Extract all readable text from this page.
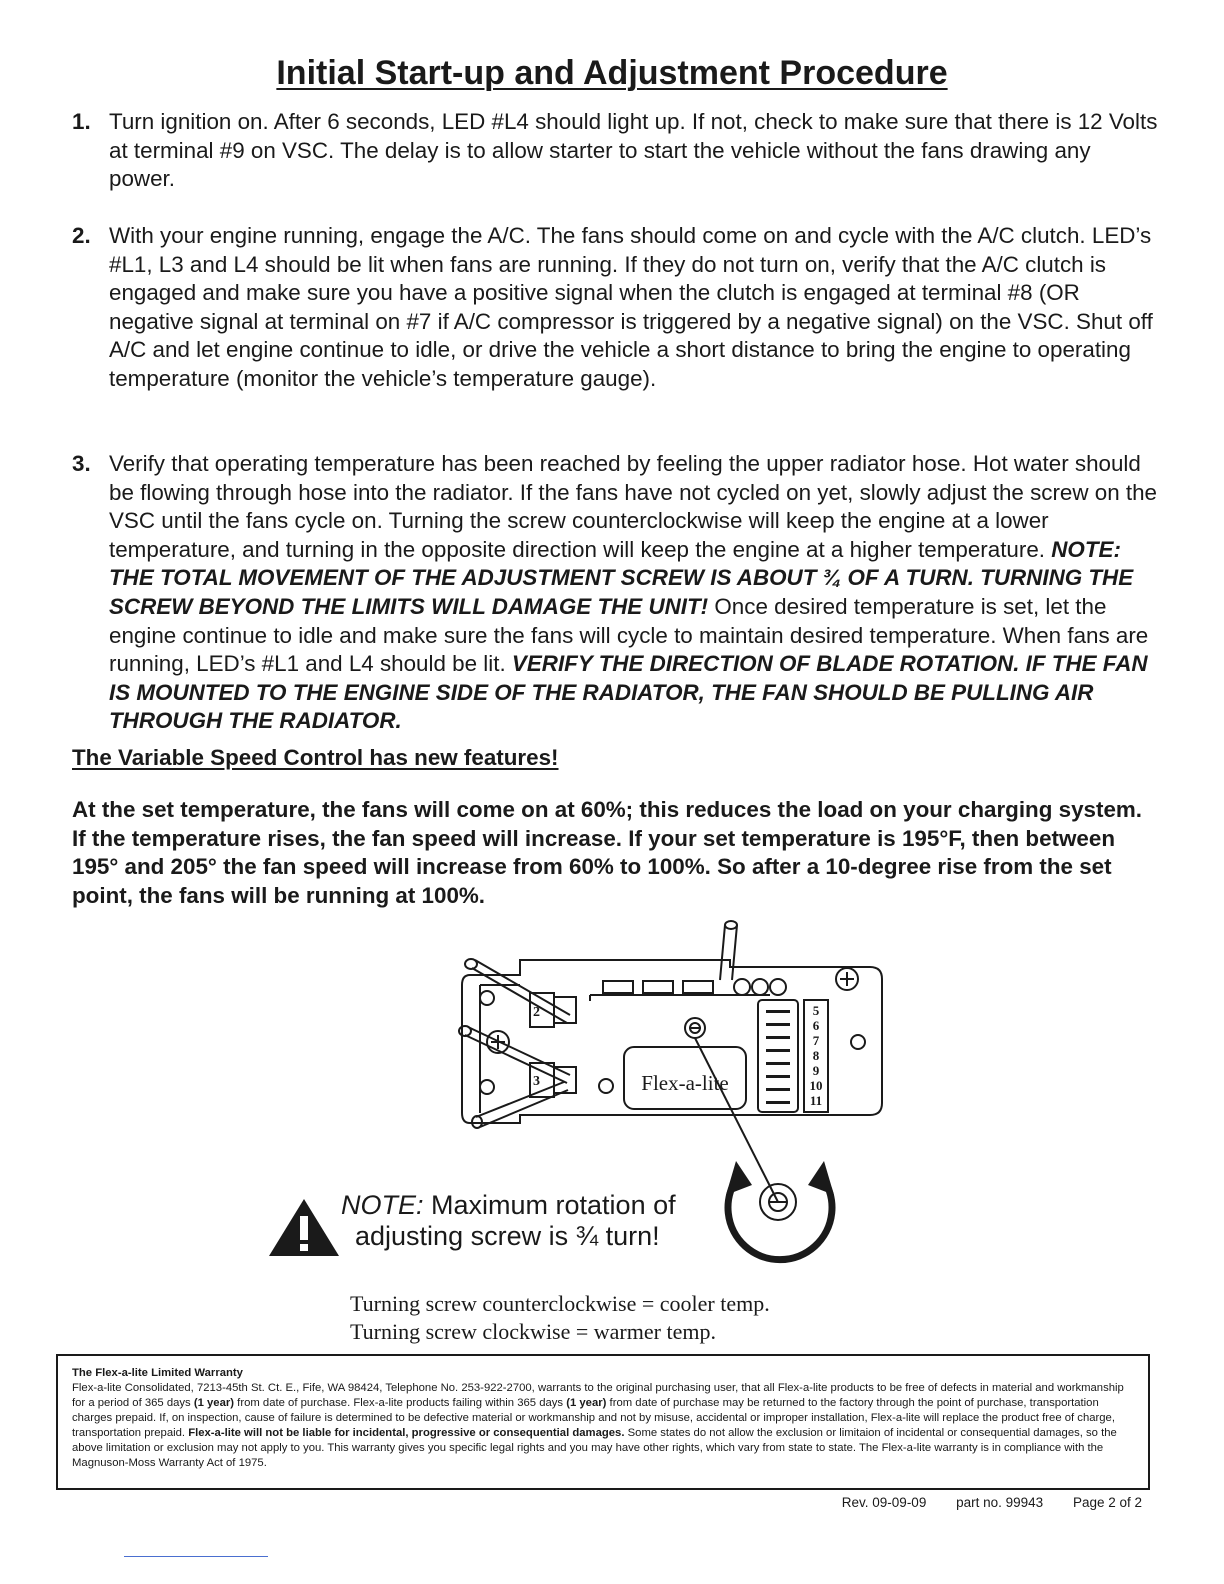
Initial Start-up and Adjustment Procedure
1. Turn ignition on. After 6 seconds, LED #L4 should light up. If not, check to make sure that there is 12 Volts at terminal #9 on VSC. The delay is to allow starter to start the vehicle without the fans drawing any power.
2. With your engine running, engage the A/C. The fans should come on and cycle with the A/C clutch. LED’s #L1, L3 and L4 should be lit when fans are running. If they do not turn on, verify that the A/C clutch is engaged and make sure you have a positive signal when the clutch is engaged at terminal #8 (OR negative signal at terminal on #7 if A/C compressor is triggered by a negative signal) on the VSC. Shut off A/C and let engine continue to idle, or drive the vehicle a short distance to bring the engine to operating temperature (monitor the vehicle’s temperature gauge).
3. Verify that operating temperature has been reached by feeling the upper radiator hose. Hot water should be flowing through hose into the radiator. If the fans have not cycled on yet, slowly adjust the screw on the VSC until the fans cycle on. Turning the screw counterclockwise will keep the engine at a lower temperature, and turning in the opposite direction will keep the engine at a higher temperature. NOTE: THE TOTAL MOVEMENT OF THE ADJUSTMENT SCREW IS ABOUT ¾ OF A TURN. TURNING THE SCREW BEYOND THE LIMITS WILL DAMAGE THE UNIT! Once desired temperature is set, let the engine continue to idle and make sure the fans will cycle to maintain desired temperature. When fans are running, LED’s #L1 and L4 should be lit. VERIFY THE DIRECTION OF BLADE ROTATION. IF THE FAN IS MOUNTED TO THE ENGINE SIDE OF THE RADIATOR, THE FAN SHOULD BE PULLING AIR THROUGH THE RADIATOR.
The Variable Speed Control has new features!
At the set temperature, the fans will come on at 60%; this reduces the load on your charging system. If the temperature rises, the fan speed will increase. If your set temperature is 195°F, then between 195° and 205° the fan speed will increase from 60% to 100%. So after a 10-degree rise from the set point, the fans will be running at 100%.
2
3
5
6
7
8
9
10
11
Flex-a-lite
NOTE: Maximum rotation of
adjusting screw is ¾ turn!
Turning screw counterclockwise = cooler temp.
Turning screw clockwise = warmer temp.
The Flex-a-lite Limited Warranty
Flex-a-lite Consolidated, 7213-45th St. Ct. E., Fife, WA 98424, Telephone No. 253-922-2700, warrants to the original purchasing user, that all Flex-a-lite products to be free of defects in material and workmanship for a period of 365 days (1 year) from date of purchase. Flex-a-lite products failing within 365 days (1 year) from date of purchase may be returned to the factory through the point of purchase, transportation charges prepaid. If, on inspection, cause of failure is determined to be defective material or workmanship and not by misuse, accidental or improper installation, Flex-a-lite will replace the product free of charge, transportation prepaid. Flex-a-lite will not be liable for incidental, progressive or consequential damages. Some states do not allow the exclusion or limitaion of incidental or consequential damages, so the above limitation or exclusion may not apply to you. This warranty gives you specific legal rights and you may have other rights, which vary from state to state. The Flex-a-lite warranty is in compliance with the Magnuson-Moss Warranty Act of 1975.
Rev. 09-09-09 part no. 99943 Page 2 of 2
